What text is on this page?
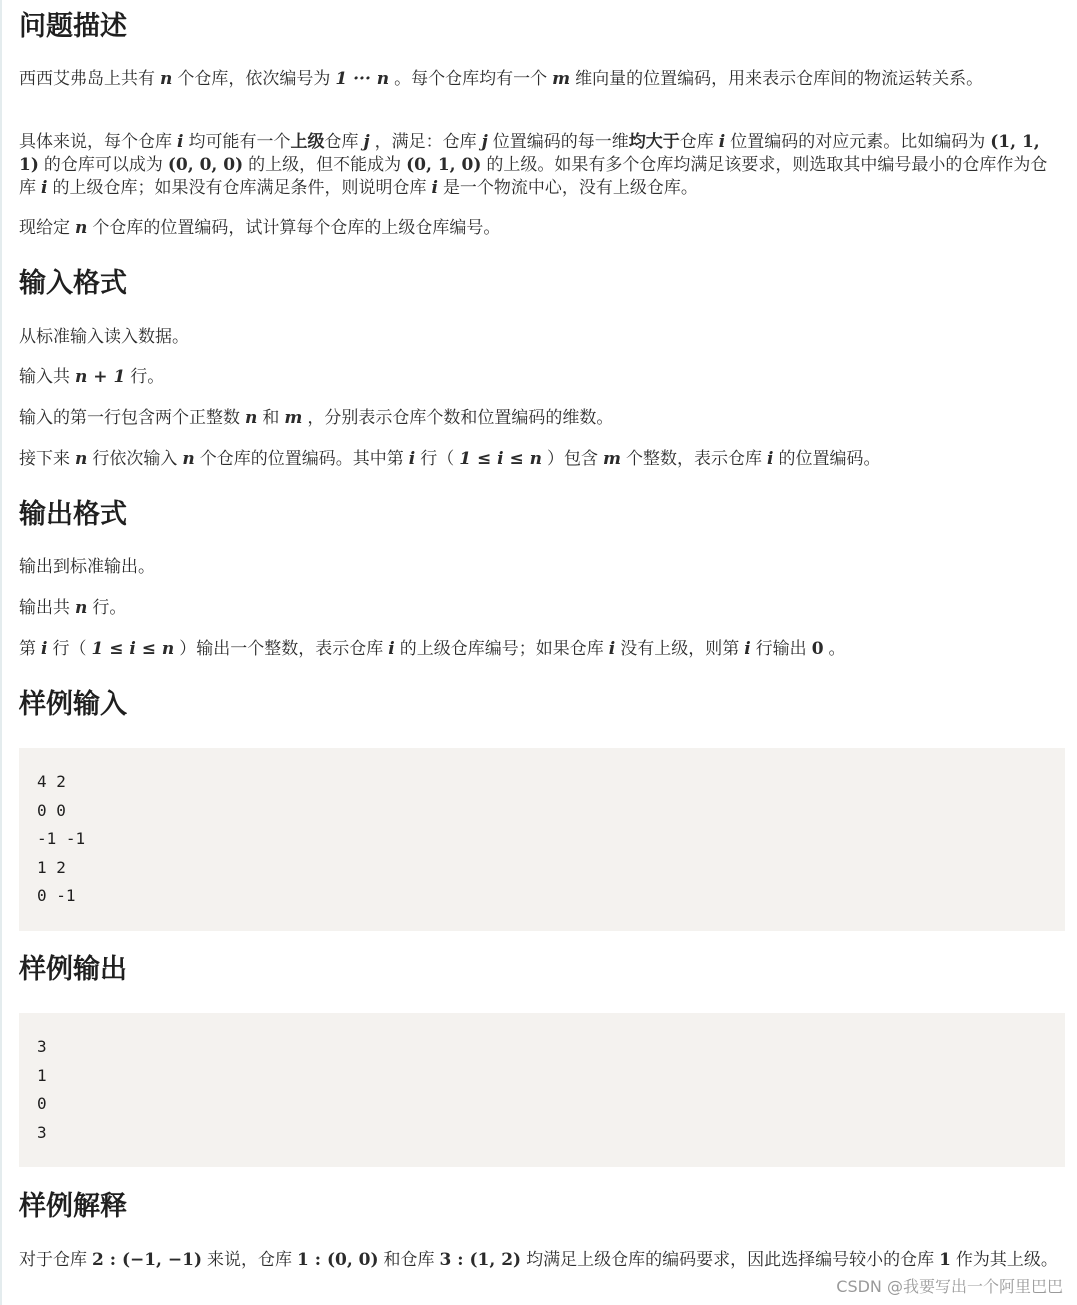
问题描述

西西艾弗岛上共有 n 个仓库，依次编号为 1 ··· n 。每个仓库均有一个 m 维向量的位置编码，用来表示仓库间的物流运转关系。

具体来说，每个仓库 i 均可能有一个上级仓库 j ，满足：仓库 j 位置编码的每一维均大于仓库 i 位置编码的对应元素。比如编码为 (1, 1, 1) 的仓库可以成为 (0, 0, 0) 的上级，但不能成为 (0, 1, 0) 的上级。如果有多个仓库均满足该要求，则选取其中编号最小的仓库作为仓库 i 的上级仓库；如果没有仓库满足条件，则说明仓库 i 是一个物流中心，没有上级仓库。

现给定 n 个仓库的位置编码，试计算每个仓库的上级仓库编号。

输入格式

从标准输入读入数据。

输入共 n + 1 行。

输入的第一行包含两个正整数 n 和 m ，分别表示仓库个数和位置编码的维数。

接下来 n 行依次输入 n 个仓库的位置编码。其中第 i 行（ 1 ≤ i ≤ n ）包含 m 个整数，表示仓库 i 的位置编码。

输出格式

输出到标准输出。

输出共 n 行。

第 i 行（ 1 ≤ i ≤ n ）输出一个整数，表示仓库 i 的上级仓库编号；如果仓库 i 没有上级，则第 i 行输出 0 。

样例输入
4 2
0 0
-1 -1
1 2
0 -1
样例输出
3
1
0
3
样例解释

对于仓库 2 : (−1, −1) 来说，仓库 1 : (0, 0) 和仓库 3 : (1, 2) 均满足上级仓库的编码要求，因此选择编号较小的仓库 1 作为其上级。

CSDN @我要写出一个阿里巴巴
